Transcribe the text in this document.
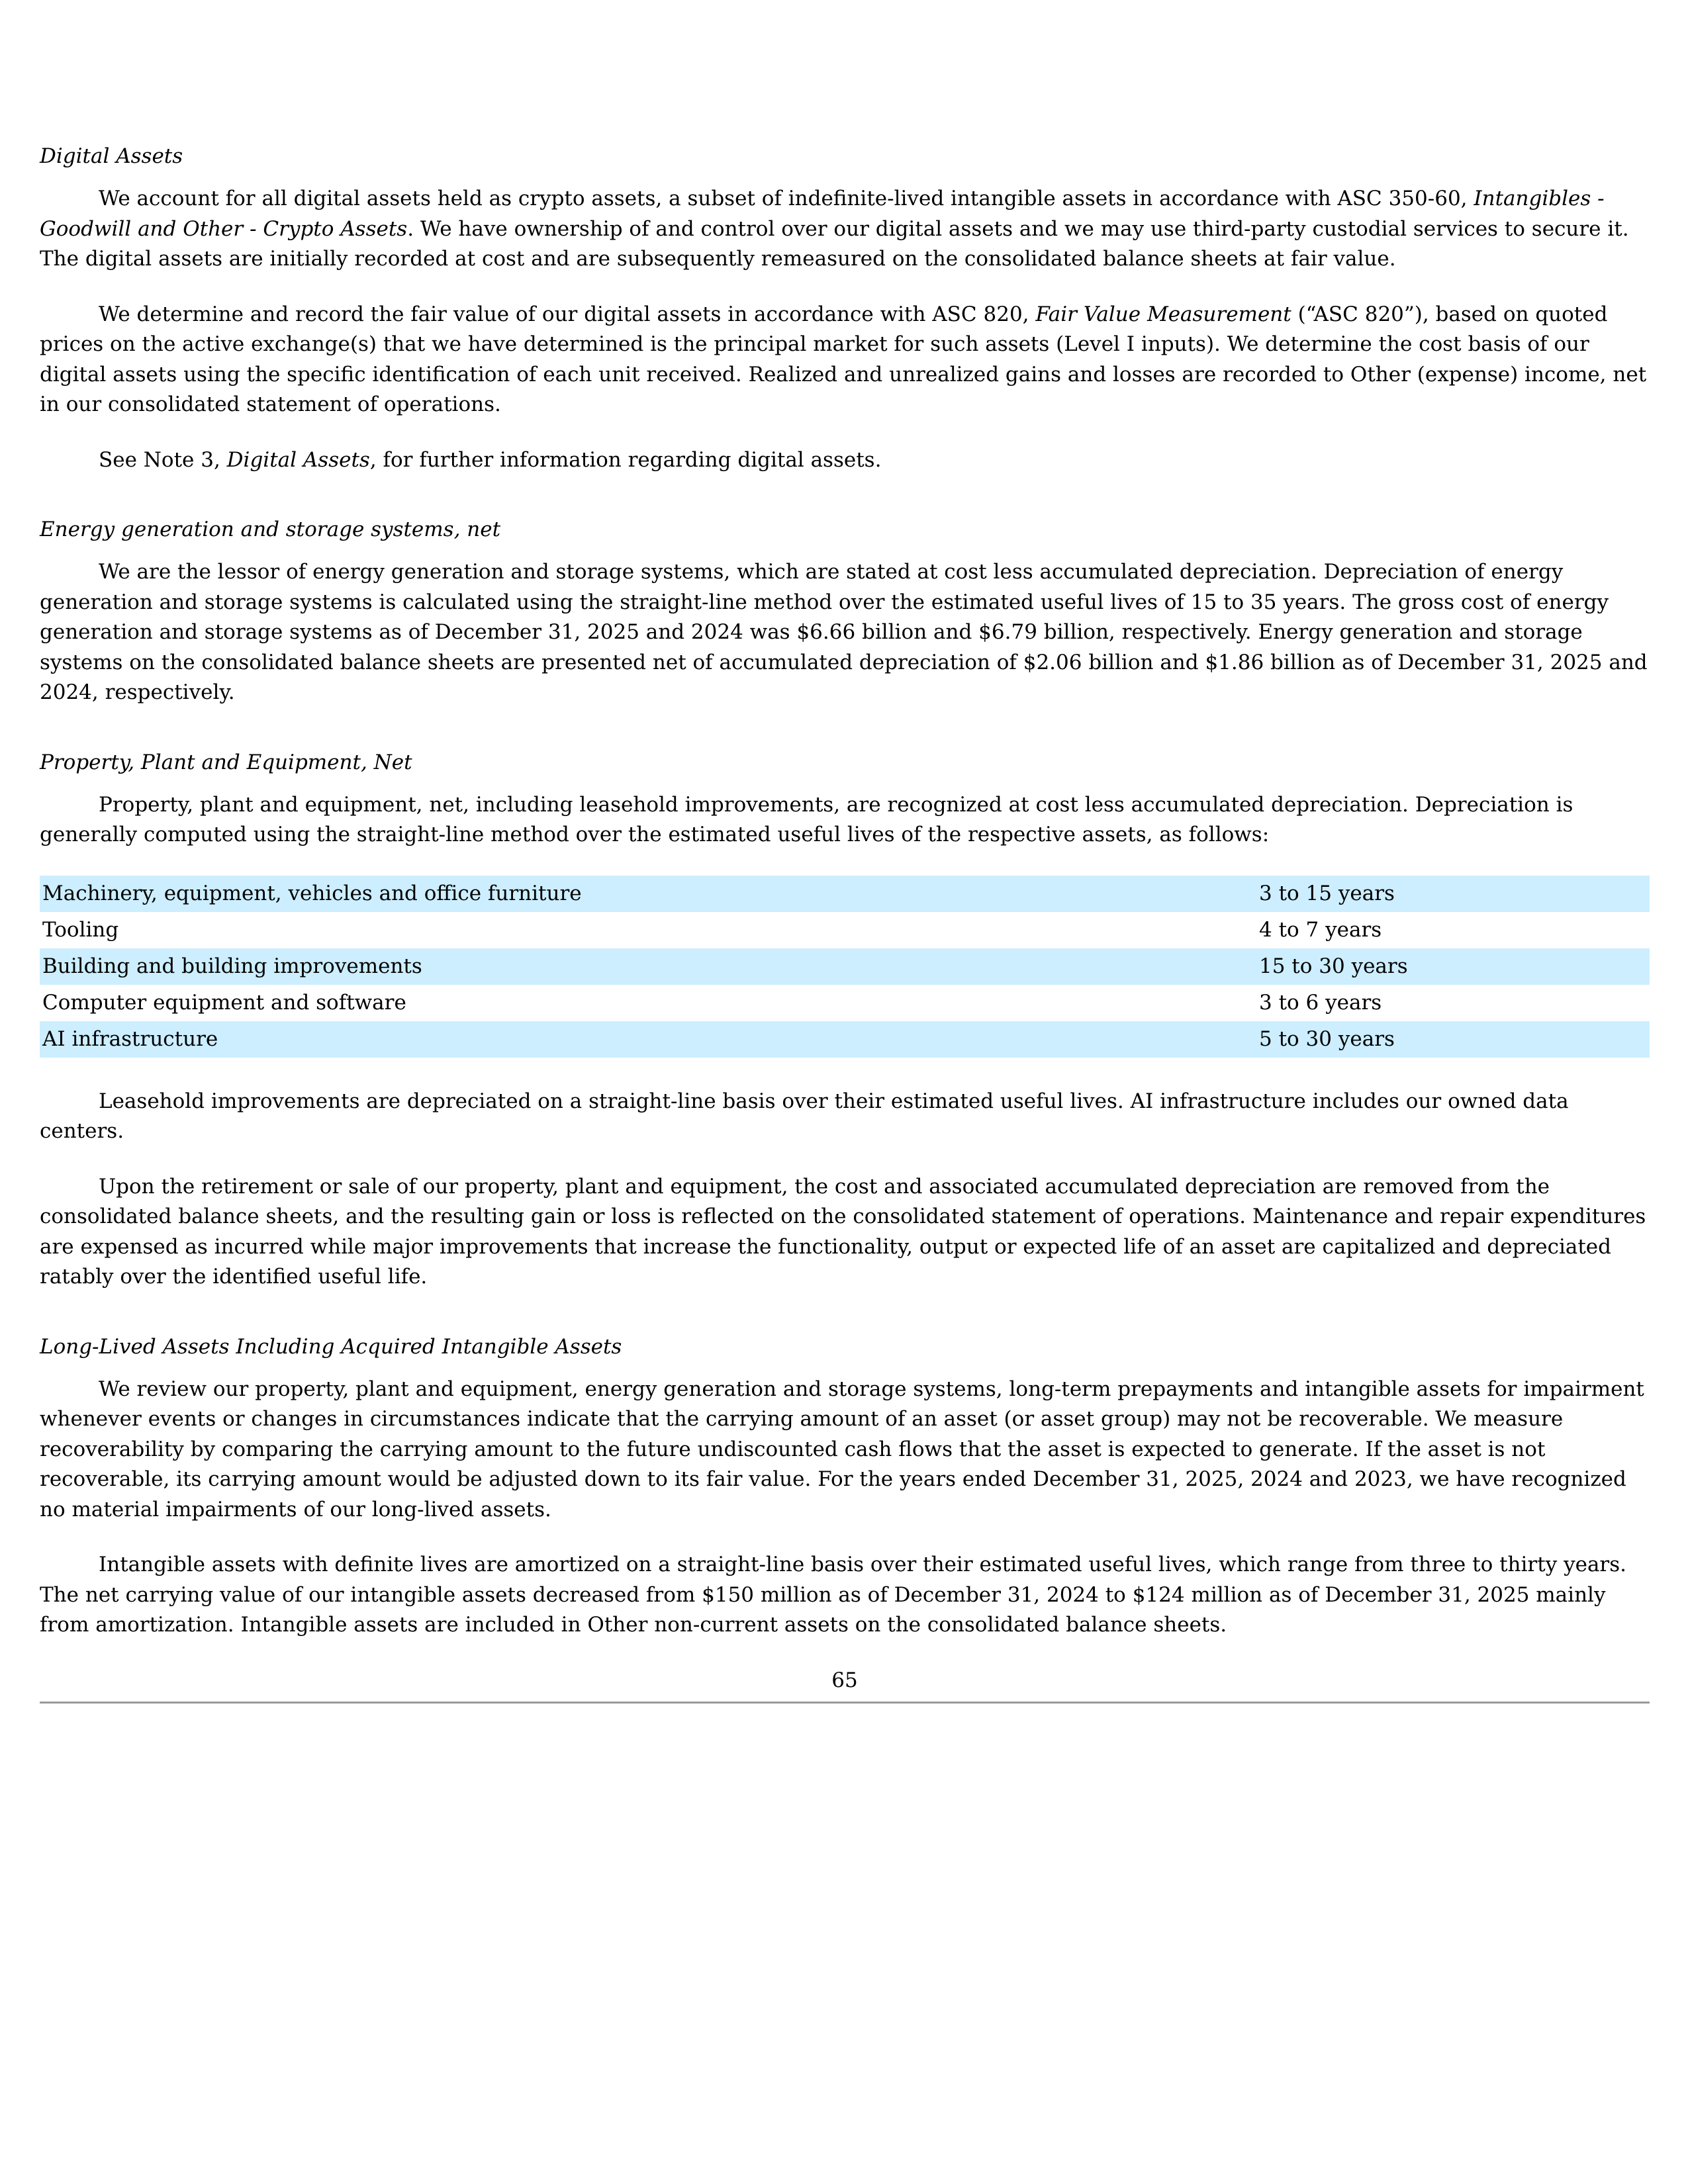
Digital Assets

We account for all digital assets held as crypto assets, a subset of indefinite-lived intangible assets in accordance with ASC 350-60, Intangibles - Goodwill and Other - Crypto Assets. We have ownership of and control over our digital assets and we may use third-party custodial services to secure it. The digital assets are initially recorded at cost and are subsequently remeasured on the consolidated balance sheets at fair value.

We determine and record the fair value of our digital assets in accordance with ASC 820, Fair Value Measurement (“ASC 820”), based on quoted prices on the active exchange(s) that we have determined is the principal market for such assets (Level I inputs). We determine the cost basis of our digital assets using the specific identification of each unit received. Realized and unrealized gains and losses are recorded to Other (expense) income, net in our consolidated statement of operations.

See Note 3, Digital Assets, for further information regarding digital assets.

Energy generation and storage systems, net

We are the lessor of energy generation and storage systems, which are stated at cost less accumulated depreciation. Depreciation of energy generation and storage systems is calculated using the straight-line method over the estimated useful lives of 15 to 35 years. The gross cost of energy generation and storage systems as of December 31, 2025 and 2024 was $6.66 billion and $6.79 billion, respectively. Energy generation and storage systems on the consolidated balance sheets are presented net of accumulated depreciation of $2.06 billion and $1.86 billion as of December 31, 2025 and 2024, respectively.

Property, Plant and Equipment, Net

Property, plant and equipment, net, including leasehold improvements, are recognized at cost less accumulated depreciation. Depreciation is generally computed using the straight-line method over the estimated useful lives of the respective assets, as follows:

Machinery, equipment, vehicles and office furniture	3 to 15 years
Tooling	4 to 7 years
Building and building improvements	15 to 30 years
Computer equipment and software	3 to 6 years
AI infrastructure	5 to 30 years

Leasehold improvements are depreciated on a straight-line basis over their estimated useful lives. AI infrastructure includes our owned data centers.

Upon the retirement or sale of our property, plant and equipment, the cost and associated accumulated depreciation are removed from the consolidated balance sheets, and the resulting gain or loss is reflected on the consolidated statement of operations. Maintenance and repair expenditures are expensed as incurred while major improvements that increase the functionality, output or expected life of an asset are capitalized and depreciated ratably over the identified useful life.

Long-Lived Assets Including Acquired Intangible Assets

We review our property, plant and equipment, energy generation and storage systems, long-term prepayments and intangible assets for impairment whenever events or changes in circumstances indicate that the carrying amount of an asset (or asset group) may not be recoverable. We measure recoverability by comparing the carrying amount to the future undiscounted cash flows that the asset is expected to generate. If the asset is not recoverable, its carrying amount would be adjusted down to its fair value. For the years ended December 31, 2025, 2024 and 2023, we have recognized no material impairments of our long-lived assets.

Intangible assets with definite lives are amortized on a straight-line basis over their estimated useful lives, which range from three to thirty years. The net carrying value of our intangible assets decreased from $150 million as of December 31, 2024 to $124 million as of December 31, 2025 mainly from amortization. Intangible assets are included in Other non-current assets on the consolidated balance sheets.

65
